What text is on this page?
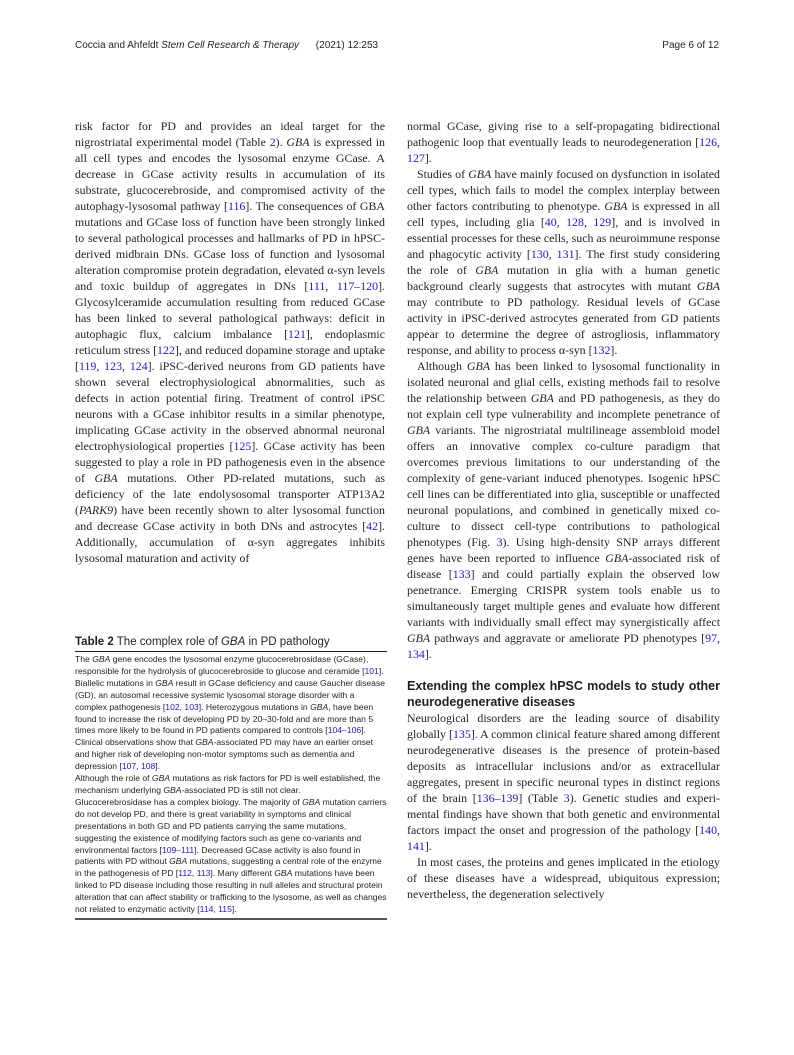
Coccia and Ahfeldt Stem Cell Research & Therapy (2021) 12:253	Page 6 of 12

risk factor for PD and provides an ideal target for the nigrostriatal experimental model (Table 2). GBA is expressed in all cell types and encodes the lysosomal enzyme GCase. A decrease in GCase activity results in accumulation of its substrate, glucocerebroside, and compromised activity of the autophagy-lysosomal pathway [116]. The consequences of GBA mutations and GCase loss of function have been strongly linked to several pathological processes and hallmarks of PD in hPSC-derived midbrain DNs. GCase loss of function and lysosomal alteration compromise protein degradation, elevated α-syn levels and toxic buildup of aggregates in DNs [111, 117–120]. Glycosylceramide accumulation resulting from reduced GCase has been linked to several pathological pathways: deficit in autophagic flux, calcium imbalance [121], endoplasmic reticulum stress [122], and reduced dopamine storage and uptake [119, 123, 124]. iPSC-derived neurons from GD patients have shown several electrophysiological abnormalities, such as defects in action potential firing. Treatment of control iPSC neurons with a GCase inhibitor results in a similar phenotype, implicating GCase activity in the observed abnormal neuronal electrophysiological properties [125]. GCase activity has been suggested to play a role in PD pathogenesis even in the absence of GBA mutations. Other PD-related mutations, such as deficiency of the late endolysosomal transporter ATP13A2 (PARK9) have been recently shown to alter lysosomal function and decrease GCase activity in both DNs and astrocytes [42]. Additionally, accumulation of α-syn aggregates inhibits lysosomal maturation and activity of

Table 2 The complex role of GBA in PD pathology

The GBA gene encodes the lysosomal enzyme glucocerebrosidase (GCase), responsible for the hydrolysis of glucocerebroside to glucose and ceramide [101]. Biallelic mutations in GBA result in GCase deficiency and cause Gaucher disease (GD), an autosomal recessive systemic lysosomal storage disorder with a complex pathogenesis [102, 103]. Heterozygous mutations in GBA, have been found to increase the risk of developing PD by 20–30-fold and are more than 5 times more likely to be found in PD patients compared to controls [104–106]. Clinical observations show that GBA-associated PD may have an earlier onset and higher risk of developing non-motor symptoms such as dementia and depression [107, 108].

Although the role of GBA mutations as risk factors for PD is well established, the mechanism underlying GBA-associated PD is still not clear.

Glucocerebrosidase has a complex biology. The majority of GBA mutation carriers do not develop PD, and there is great variability in symptoms and clinical presentations in both GD and PD patients carrying the same mutations, suggesting the existence of modifying factors such as gene co-variants and environmental factors [109–111]. Decreased GCase activity is also found in patients with PD without GBA mutations, suggesting a central role of the enzyme in the pathogenesis of PD [112, 113]. Many different GBA mutations have been linked to PD disease including those resulting in null alleles and structural protein alteration that can affect stability or trafficking to the lysosome, as well as changes not related to enzymatic activity [114, 115].

normal GCase, giving rise to a self-propagating bidirectional pathogenic loop that eventually leads to neurodegeneration [126, 127].

Studies of GBA have mainly focused on dysfunction in isolated cell types, which fails to model the complex interplay between other factors contributing to phenotype. GBA is expressed in all cell types, including glia [40, 128, 129], and is involved in essential processes for these cells, such as neuroimmune response and phagocytic activity [130, 131]. The first study considering the role of GBA mutation in glia with a human genetic background clearly suggests that astrocytes with mutant GBA may contribute to PD pathology. Residual levels of GCase activity in iPSC-derived astrocytes generated from GD patients appear to determine the degree of astrogliosis, inflammatory response, and ability to process α-syn [132].

Although GBA has been linked to lysosomal functionality in isolated neuronal and glial cells, existing methods fail to resolve the relationship between GBA and PD pathogenesis, as they do not explain cell type vulnerability and incomplete penetrance of GBA variants. The nigrostriatal multilineage assembloid model offers an innovative complex co-culture paradigm that overcomes previous limitations to our understanding of the complexity of gene-variant induced phenotypes. Isogenic hPSC cell lines can be differentiated into glia, susceptible or unaffected neuronal populations, and combined in genetically mixed co-culture to dissect cell-type contributions to pathological phenotypes (Fig. 3). Using high-density SNP arrays different genes have been reported to influence GBA-associated risk of disease [133] and could partially explain the observed low penetrance. Emerging CRISPR system tools enable us to simultaneously target multiple genes and evaluate how different variants with individually small effect may synergistically affect GBA pathways and aggravate or ameliorate PD phenotypes [97, 134].

Extending the complex hPSC models to study other neurodegenerative diseases

Neurological disorders are the leading source of disability globally [135]. A common clinical feature shared among different neurodegenerative diseases is the presence of protein-based deposits as intracellular inclusions and/or as extracellular aggregates, present in specific neuronal types in distinct regions of the brain [136–139] (Table 3). Genetic studies and experimental findings have shown that both genetic and environmental factors impact the onset and progression of the pathology [140, 141].

In most cases, the proteins and genes implicated in the etiology of these diseases have a widespread, ubiquitous expression; nevertheless, the degeneration selectively
